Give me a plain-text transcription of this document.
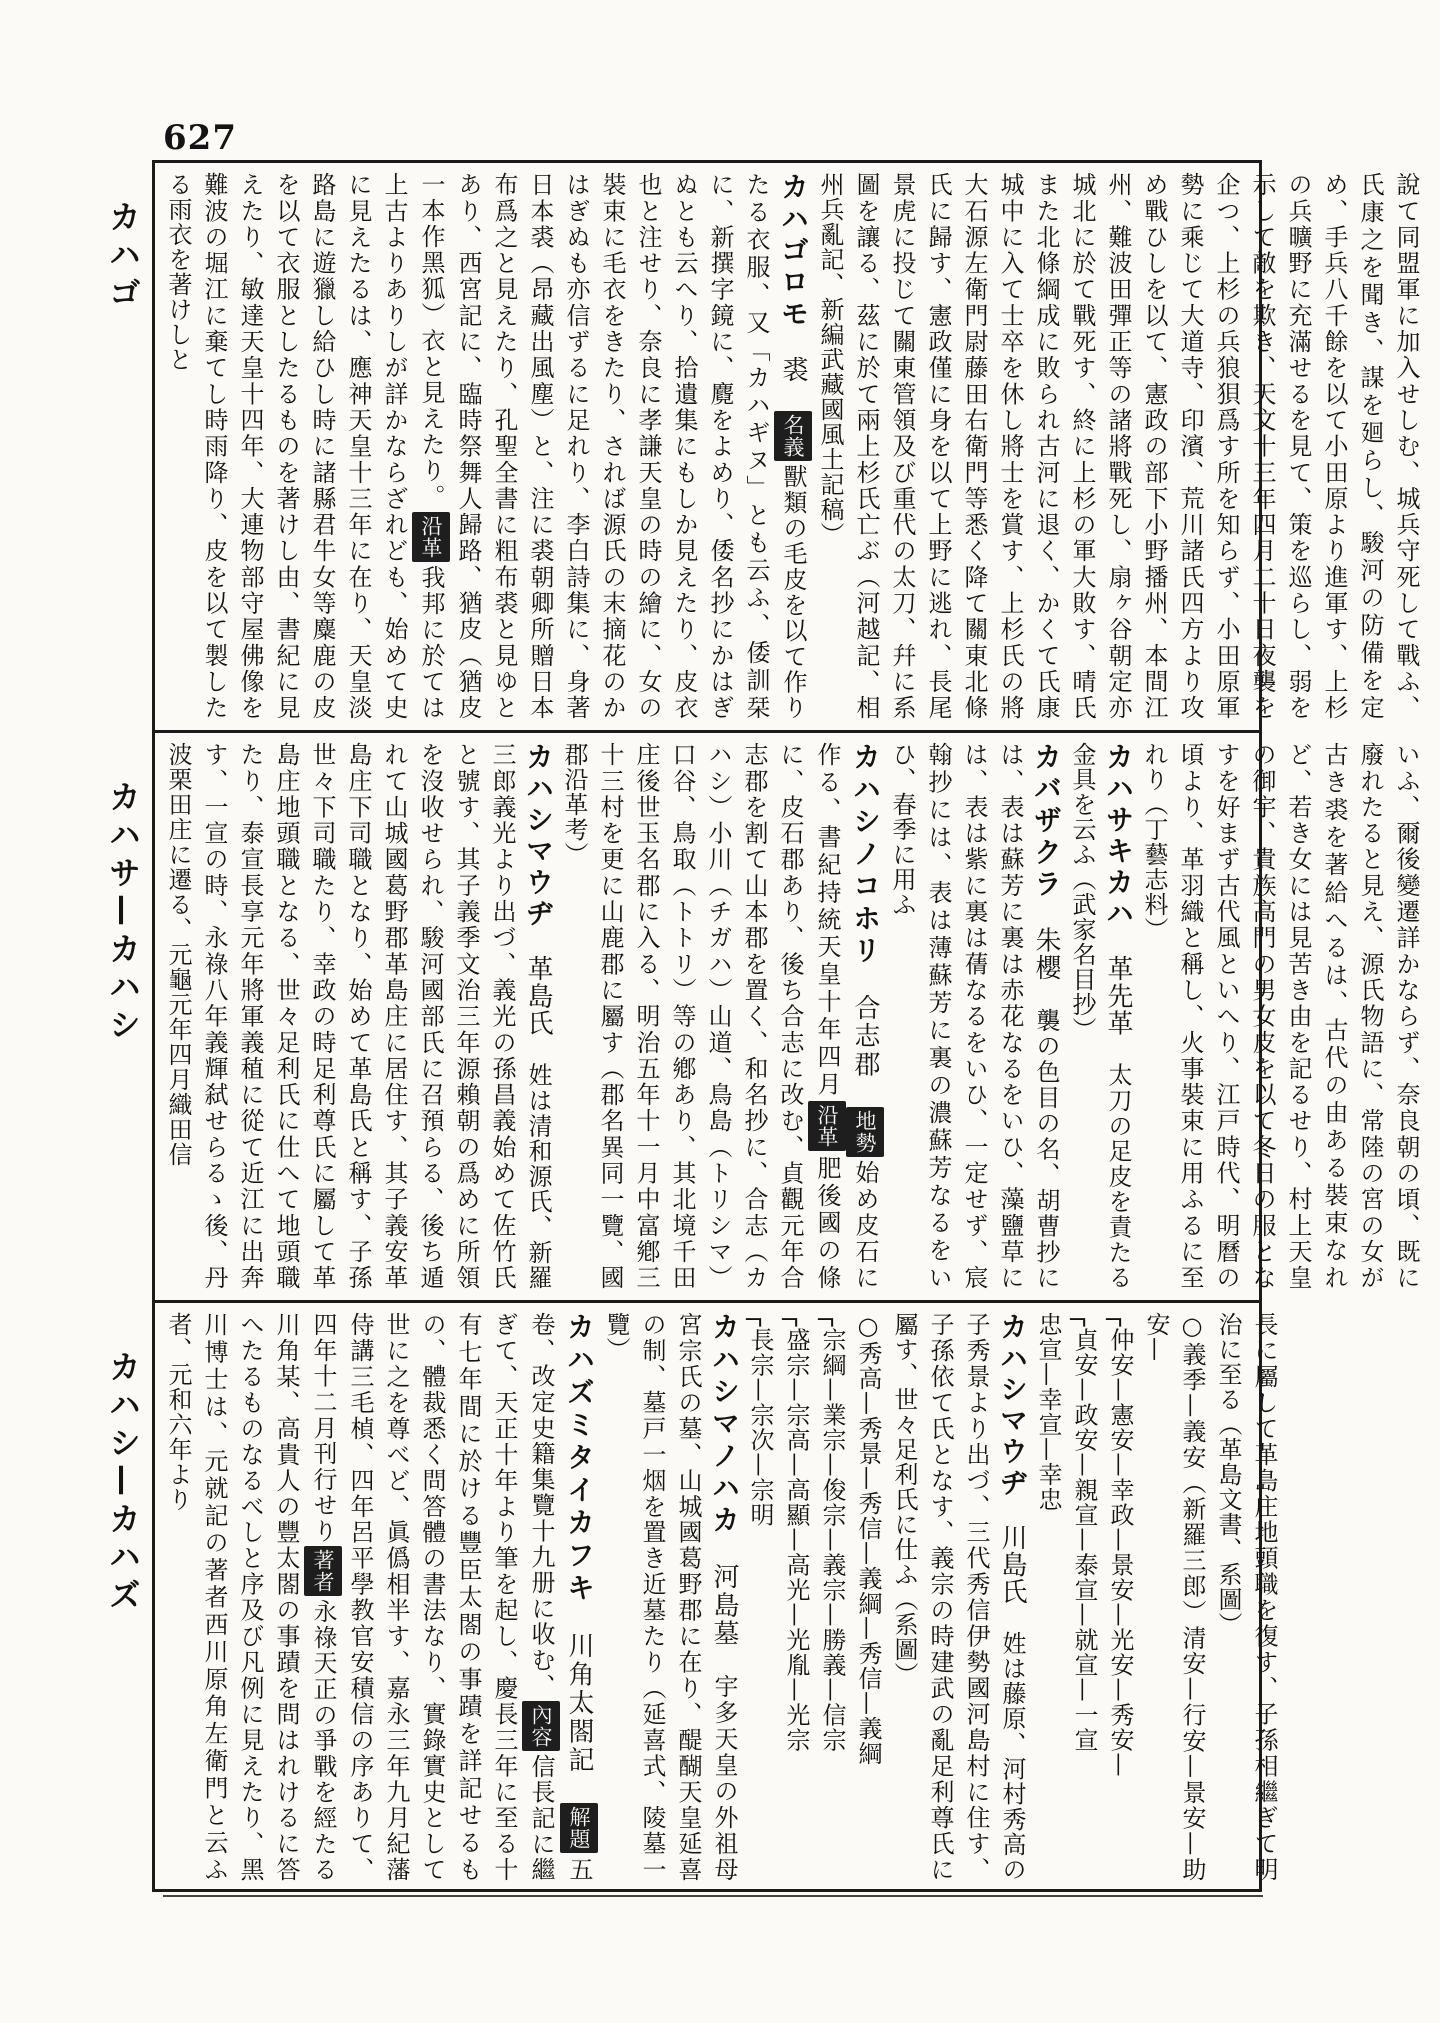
627
カハゴ
カハサ—カハシ
カハシ—カハズ

說て同盟軍に加入せしむ、城兵守死して戰ふ、氏康之を聞き、謀を廻らし、駿河の防備を定め、手兵八千餘を以て小田原より進軍す、上杉の兵曠野に充滿せるを見て、策を巡らし、弱を示して敵を欺き、天文十三年四月二十日夜襲を企つ、上杉の兵狼狽爲す所を知らず、小田原軍勢に乘じて大道寺、印濱、荒川諸氏四方より攻め戰ひしを以て、憲政の部下小野播州、本間江州、難波田彈正等の諸將戰死し、扇ヶ谷朝定亦城北に於て戰死す、終に上杉の軍大敗す、晴氏また北條綱成に敗られ古河に退く、かくて氏康城中に入て士卒を休し將士を賞す、上杉氏の將大石源左衛門尉藤田右衛門等悉く降て關東北條氏に歸す、憲政僅に身を以て上野に逃れ、長尾景虎に投じて關東管領及び重代の太刀、幷に系圖を讓る、茲に於て兩上杉氏亡ぶ（河越記、相州兵亂記、新編武藏國風土記稿）

カハゴロモ　裘　名義獸類の毛皮を以て作りたる衣服、又「カハギヌ」とも云ふ、倭訓栞に、新撰字鏡に、麑をよめり、倭名抄にかはぎぬとも云へり、拾遺集にもしか見えたり、皮衣也と注せり、奈良に孝謙天皇の時の繪に、女の裝束に毛衣をきたり、されば源氏の末摘花のかはぎぬも亦信ずるに足れり、李白詩集に、身著日本裘（昂藏出風塵）と、注に裘朝卿所贈日本布爲之と見えたり、孔聖全書に粗布裘と見ゆとあり、西宮記に、臨時祭舞人歸路、猶皮（猶皮一本作黑狐）衣と見えたり。沿革我邦に於ては上古よりありしが詳かならざれども、始めて史に見えたるは、應神天皇十三年に在り、天皇淡路島に遊獵し給ひし時に諸縣君牛女等麋鹿の皮を以て衣服としたるものを著けし由、書紀に見えたり、敏達天皇十四年、大連物部守屋佛像を難波の堀江に棄てし時雨降り、皮を以て製したる雨衣を著けしと

いふ、爾後變遷詳かならず、奈良朝の頃、既に廢れたると見え、源氏物語に、常陸の宮の女が古き裘を著給へるは、古代の由ある裝束なれど、若き女には見苦き由を記るせり、村上天皇の御宇、貴族高門の男女皮を以て冬日の服となすを好まず古代風といへり、江戸時代、明曆の頃より、革羽織と稱し、火事裝束に用ふるに至れり（丁藝志料）

カハサキカハ　革先革　太刀の足皮を責たる金具を云ふ（武家名目抄）

カバザクラ　朱櫻　襲の色目の名、胡曹抄には、表は蘇芳に裏は赤花なるをいひ、藻鹽草には、表は紫に裏は蒨なるをいひ、一定せず、宸翰抄には、表は薄蘇芳に裏の濃蘇芳なるをいひ、春季に用ふ

カハシノコホリ　合志郡　地勢始め皮石に作る、書紀持統天皇十年四月沿革肥後國の條に、皮石郡あり、後ち合志に改む、貞觀元年合志郡を割て山本郡を置く、和名抄に、合志（カハシ）小川（チガハ）山道、鳥島（トリシマ）口谷、鳥取（トトリ）等の鄕あり、其北境千田庄後世玉名郡に入る、明治五年十一月中富鄕三十三村を更に山鹿郡に屬す（郡名異同一覽、國郡沿革考）

カハシマウヂ　革島氏　姓は清和源氏、新羅三郎義光より出づ、義光の孫昌義始めて佐竹氏と號す、其子義季文治三年源賴朝の爲めに所領を沒收せられ、駿河國部氏に召預らる、後ち遁れて山城國葛野郡革島庄に居住す、其子義安革島庄下司職となり、始めて革島氏と稱す、子孫世々下司職たり、幸政の時足利尊氏に屬して革島庄地頭職となる、世々足利氏に仕へて地頭職たり、泰宣長享元年將軍義稙に從て近江に出奔す、一宣の時、永祿八年義輝弑せらるゝ後、丹波栗田庄に遷る、元龜元年四月織田信

長に屬して革島庄地頭職を復す、子孫相繼ぎて明治に至る（革島文書、系圖）

○義季—義安（新羅三郎）清安—行安—景安—助安—

┌仲安—憲安—幸政—景安—光安—秀安—

┌貞安—政安—親宣—泰宣—就宣—一宣

忠宣—幸宣—幸忠

カハシマウヂ　川島氏　姓は藤原、河村秀高の子秀景より出づ、三代秀信伊勢國河島村に住す、子孫依て氏となす、義宗の時建武の亂足利尊氏に屬す、世々足利氏に仕ふ（系圖）

○秀高—秀景—秀信—義綱—秀信—義綱

┌宗綱—業宗—俊宗—義宗—勝義—信宗

┌盛宗—宗高—高顯—高光—光胤—光宗

┌長宗—宗次—宗明

カハシマノハカ　河島墓　宇多天皇の外祖母宮宗氏の墓、山城國葛野郡に在り、醍醐天皇延喜の制、墓戸一烟を置き近墓たり（延喜式、陵墓一覽）

カハズミタイカフキ　川角太閤記　解題五卷、改定史籍集覽十九册に收む、內容信長記に繼ぎて、天正十年より筆を起し、慶長三年に至る十有七年間に於ける豐臣太閤の事蹟を詳記せるもの、體裁悉く問答體の書法なり、實錄實史として世に之を尊べど、眞僞相半す、嘉永三年九月紀藩侍講三毛楨、四年呂平學教官安積信の序ありて、四年十二月刊行せり著者永祿天正の爭戰を經たる川角某、高貴人の豐太閤の事蹟を問はれけるに答へたるものなるべしと序及び凡例に見えたり、黑川博士は、元就記の著者西川原角左衛門と云ふ者、元和六年より
